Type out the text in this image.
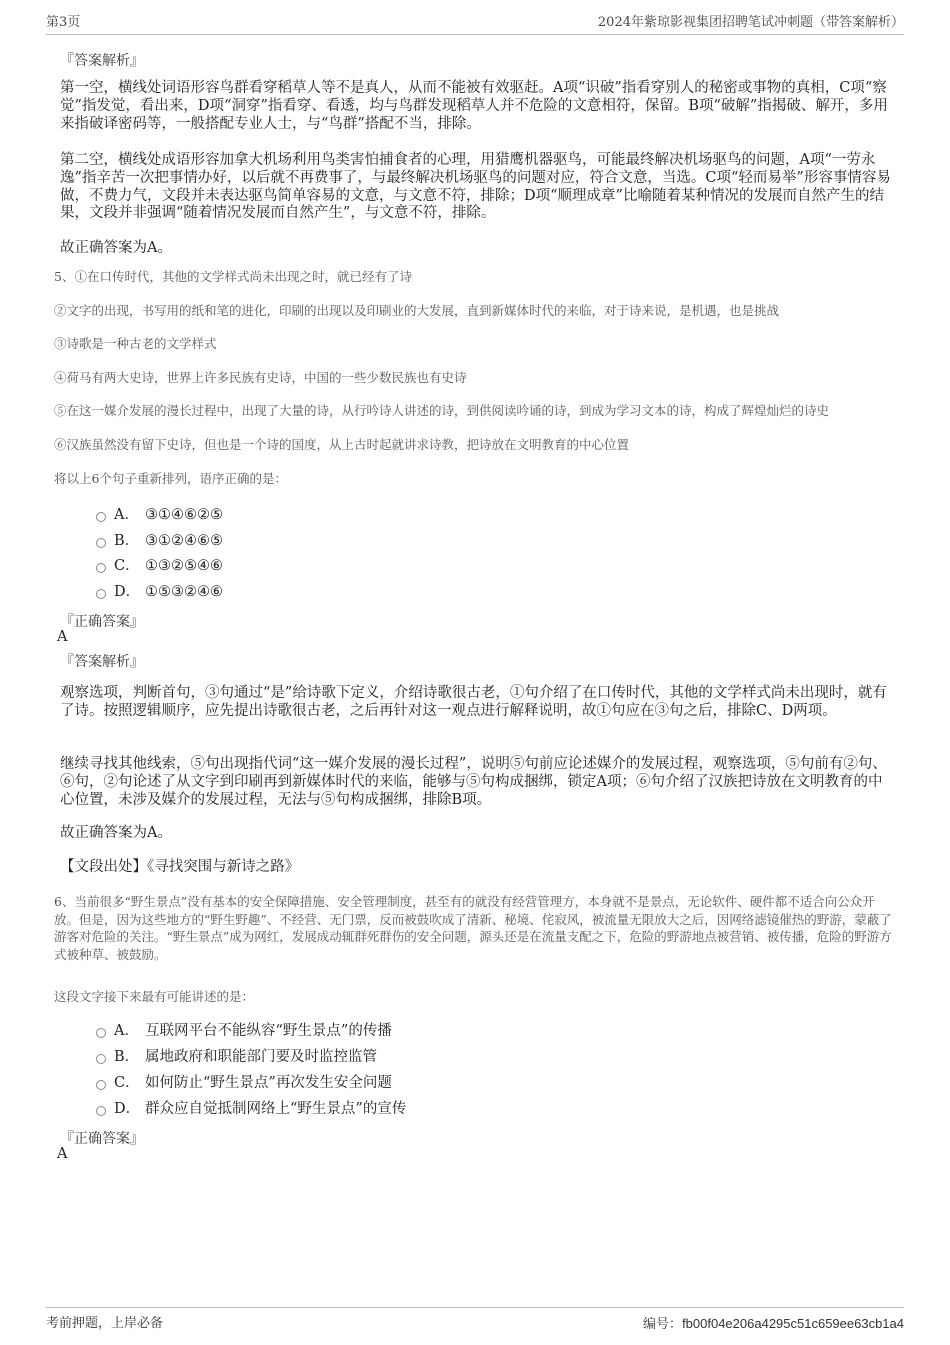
第3页	2024年紫琼影视集团招聘笔试冲刺题（带答案解析）
『答案解析』
第一空，横线处词语形容鸟群看穿稻草人等不是真人，从而不能被有效驱赶。A项“识破”指看穿别人的秘密或事物的真相，C项“察觉”指发觉，看出来，D项“洞穿”指看穿、看透，均与鸟群发现稻草人并不危险的文意相符，保留。B项“破解”指揭破、解开，多用来指破译密码等，一般搭配专业人士，与“鸟群”搭配不当，排除。
第二空，横线处成语形容加拿大机场利用鸟类害怕捕食者的心理，用猎鹰机器驱鸟，可能最终解决机场驱鸟的问题，A项“一劳永逸”指辛苦一次把事情办好，以后就不再费事了，与最终解决机场驱鸟的问题对应，符合文意，当选。C项“轻而易举”形容事情容易做，不费力气，文段并未表达驱鸟简单容易的文意，与文意不符，排除；D项“顺理成章”比喻随着某种情况的发展而自然产生的结果，文段并非强调“随着情况发展而自然产生”，与文意不符，排除。
故正确答案为A。
5、①在口传时代，其他的文学样式尚未出现之时，就已经有了诗
②文字的出现，书写用的纸和笔的进化，印刷的出现以及印刷业的大发展，直到新媒体时代的来临，对于诗来说，是机遇，也是挑战
③诗歌是一种古老的文学样式
④荷马有两大史诗，世界上许多民族有史诗，中国的一些少数民族也有史诗
⑤在这一媒介发展的漫长过程中，出现了大量的诗，从行吟诗人讲述的诗，到供阅读吟诵的诗，到成为学习文本的诗，构成了辉煌灿烂的诗史
⑥汉族虽然没有留下史诗，但也是一个诗的国度，从上古时起就讲求诗教，把诗放在文明教育的中心位置
将以上6个句子重新排列，语序正确的是：
A． ③①④⑥②⑤
B． ③①②④⑥⑤
C． ①③②⑤④⑥
D． ①⑤③②④⑥
『正确答案』
A
『答案解析』
观察选项，判断首句，③句通过“是”给诗歌下定义，介绍诗歌很古老，①句介绍了在口传时代，其他的文学样式尚未出现时，就有了诗。按照逻辑顺序，应先提出诗歌很古老，之后再针对这一观点进行解释说明，故①句应在③句之后，排除C、D两项。
继续寻找其他线索，⑤句出现指代词“这一媒介发展的漫长过程”，说明⑤句前应论述媒介的发展过程，观察选项，⑤句前有②句、⑥句，②句论述了从文字到印刷再到新媒体时代的来临，能够与⑤句构成捆绑，锁定A项；⑥句介绍了汉族把诗放在文明教育的中心位置，未涉及媒介的发展过程，无法与⑤句构成捆绑，排除B项。
故正确答案为A。
【文段出处】《寻找突围与新诗之路》
6、当前很多“野生景点”没有基本的安全保障措施、安全管理制度，甚至有的就没有经营管理方，本身就不是景点，无论软件、硬件都不适合向公众开放。但是，因为这些地方的“野生野趣”、不经营、无门票，反而被鼓吹成了清新、秘境、侘寂风，被流量无限放大之后，因网络滤镜催热的野游，蒙蔽了游客对危险的关注。“野生景点”成为网红，发展成动辄群死群伤的安全问题，源头还是在流量支配之下，危险的野游地点被营销、被传播，危险的野游方式被种草、被鼓励。
这段文字接下来最有可能讲述的是：
A． 互联网平台不能纵容“野生景点”的传播
B． 属地政府和职能部门要及时监控监管
C． 如何防止“野生景点”再次发生安全问题
D． 群众应自觉抵制网络上“野生景点”的宣传
『正确答案』
A
考前押题，上岸必备	编号：fb00f04e206a4295c51c659ee63cb1a4
